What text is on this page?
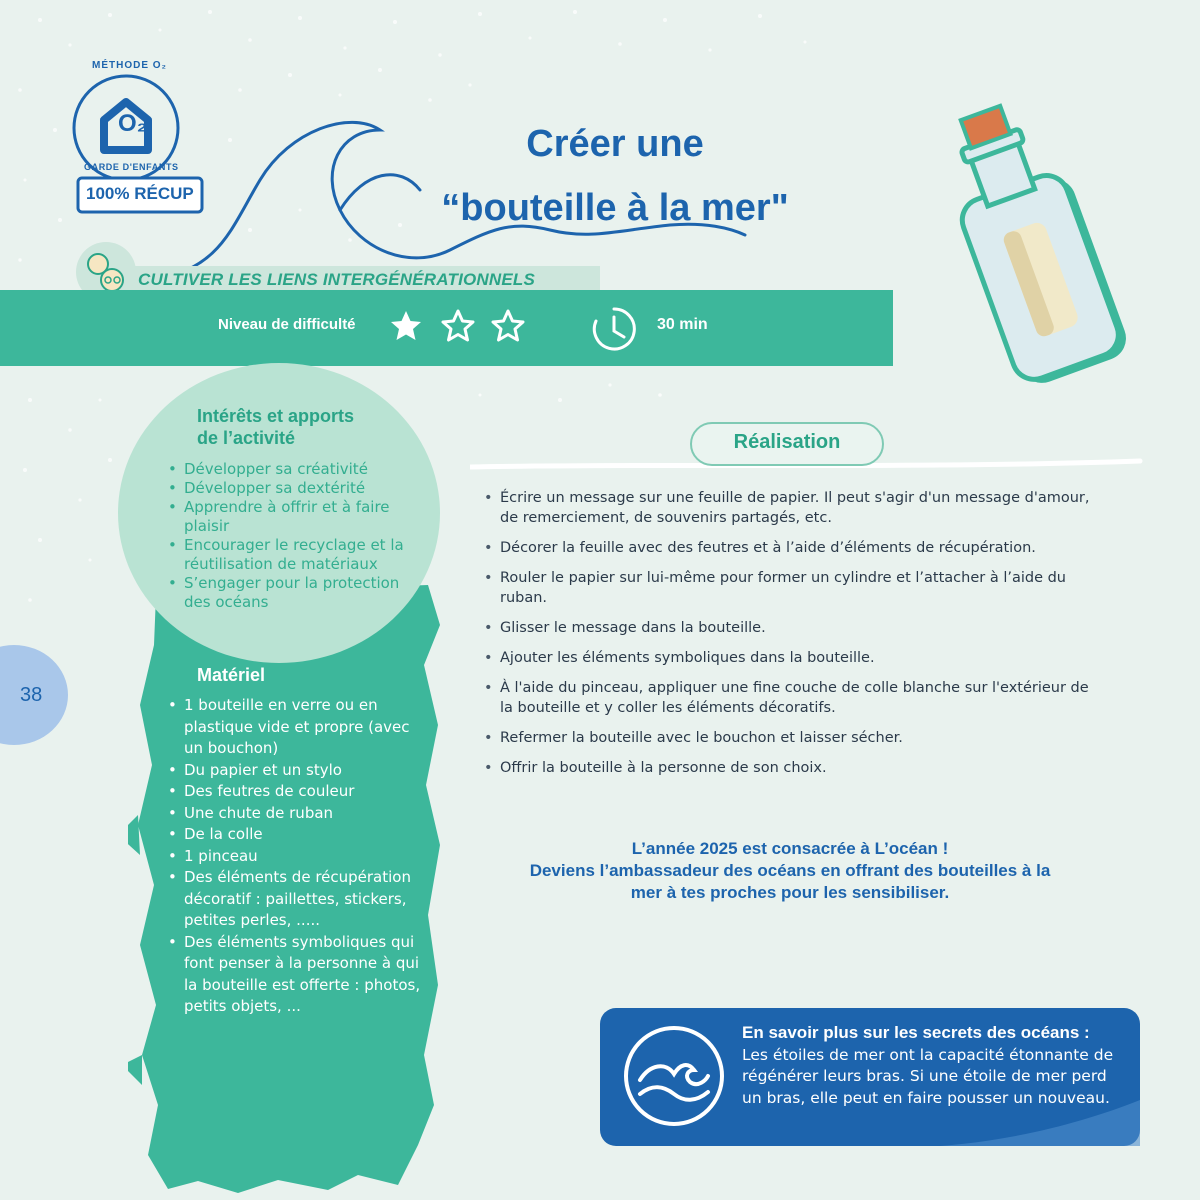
MÉTHODE O₂
O₂
GARDE D'ENFANTS
100% RÉCUP
Créer une
“bouteille à la mer"
CULTIVER LES LIENS INTERGÉNÉRATIONNELS
Niveau de difficulté	30 min
Intérêts et apports
de l’activité
• Développer sa créativité
• Développer sa dextérité
• Apprendre à offrir et à faire plaisir
• Encourager le recyclage et la réutilisation de matériaux
• S’engager pour la protection des océans
Matériel
• 1 bouteille en verre ou en plastique vide et propre (avec un bouchon)
• Du papier et un stylo
• Des feutres de couleur
• Une chute de ruban
• De la colle
• 1 pinceau
• Des éléments de récupération décoratif : paillettes, stickers, petites perles, .....
• Des éléments symboliques qui font penser à la personne à qui la bouteille est offerte : photos, petits objets, ...
38
Réalisation
• Écrire un message sur une feuille de papier. Il peut s'agir d'un message d'amour, de remerciement, de souvenirs partagés, etc.
• Décorer la feuille avec des feutres et à l’aide d’éléments de récupération.
• Rouler le papier sur lui-même pour former un cylindre et l’attacher à l’aide du ruban.
• Glisser le message dans la bouteille.
• Ajouter les éléments symboliques dans la bouteille.
• À l'aide du pinceau, appliquer une fine couche de colle blanche sur l'extérieur de la bouteille et y coller les éléments décoratifs.
• Refermer la bouteille avec le bouchon et laisser sécher.
• Offrir la bouteille à la personne de son choix.
L’année 2025 est consacrée à L’océan !
Deviens l’ambassadeur des océans en offrant des bouteilles à la
mer à tes proches pour les sensibiliser.
En savoir plus sur les secrets des océans : Les étoiles de mer ont la capacité étonnante de régénérer leurs bras. Si une étoile de mer perd un bras, elle peut en faire pousser un nouveau.
